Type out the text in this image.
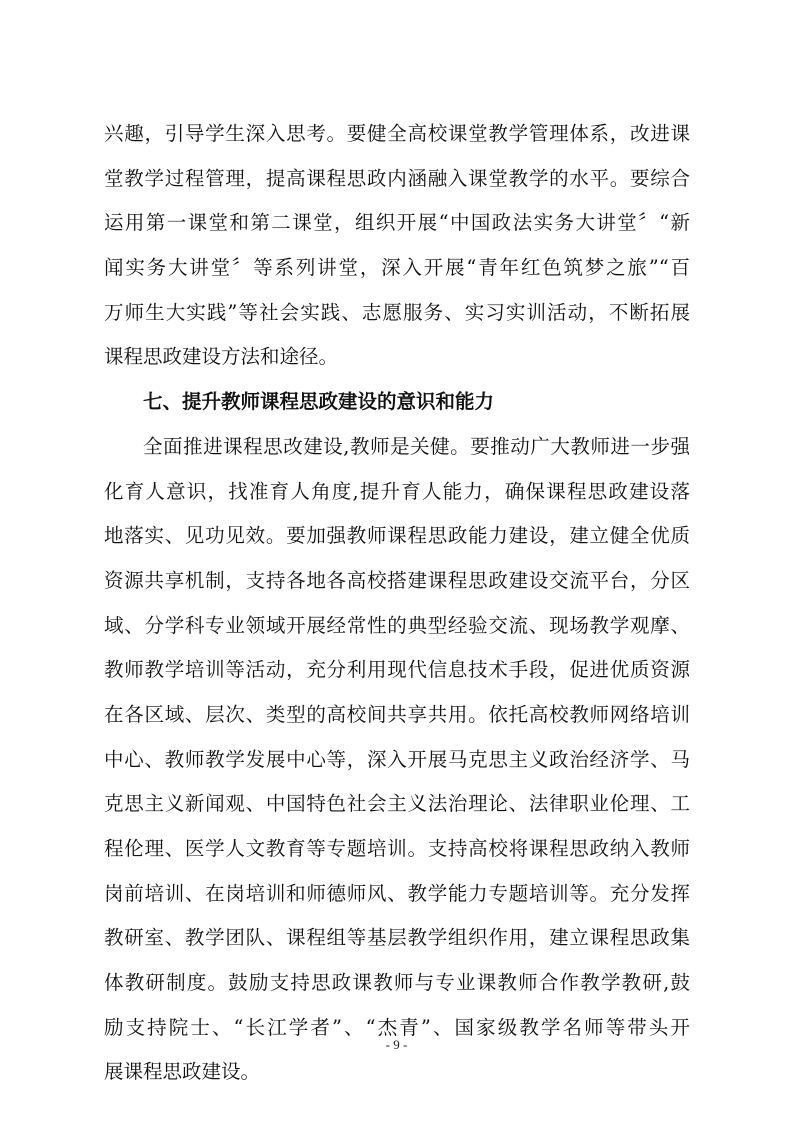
兴趣，引导学生深入思考。要健全高校课堂教学管理体系，改进课
堂教学过程管理，提高课程思政内涵融入课堂教学的水平。要综合
运用第一课堂和第二课堂，组织开展“中国政法实务大讲堂〞“新
闻实务大讲堂〞等系列讲堂，深入开展“青年红色筑梦之旅”“百
万师生大实践”等社会实践、志愿服务、实习实训活动，不断拓展
课程思政建设方法和途径。
七、提升教师课程思政建设的意识和能力
全面推进课程思改建设,教师是关健。要推动广大教师进一步强
化育人意识，找准育人角度,提升育人能力，确保课程思政建设落
地落实、见功见效。要加强教师课程思政能力建设，建立健全优质
资源共享机制，支持各地各高校搭建课程思政建设交流平台，分区
域、分学科专业领域开展经常性的典型经验交流、现场教学观摩、
教师教学培训等活动，充分利用现代信息技术手段，促进优质资源
在各区域、层次、类型的高校间共享共用。依托高校教师网络培训
中心、教师教学发展中心等，深入开展马克思主义政治经济学、马
克思主义新闻观、中国特色社会主义法治理论、法律职业伦理、工
程伦理、医学人文教育等专题培训。支持高校将课程思政纳入教师
岗前培训、在岗培训和师德师风、教学能力专题培训等。充分发挥
教研室、教学团队、课程组等基层教学组织作用，建立课程思政集
体教研制度。鼓励支持思政课教师与专业课教师合作教学教研,鼓
励支持院士、“长江学者”、“杰青”、国家级教学名师等带头开
展课程思政建设。
- 9 -
